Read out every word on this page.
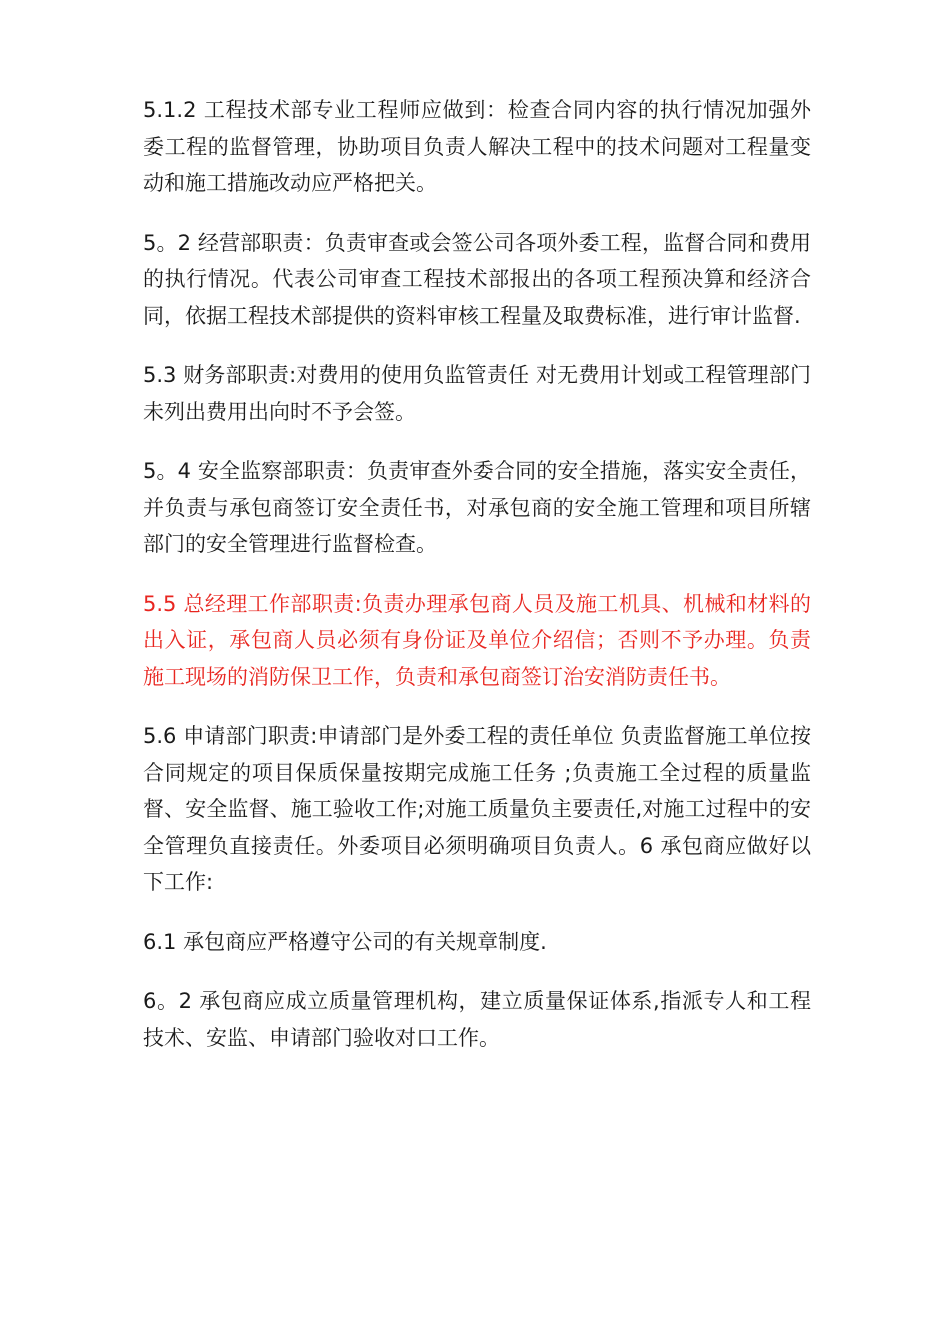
5.1.2 工程技术部专业工程师应做到：检查合同内容的执行情况加强外委工程的监督管理，协助项目负责人解决工程中的技术问题对工程量变动和施工措施改动应严格把关。

5。2 经营部职责：负责审查或会签公司各项外委工程，监督合同和费用的执行情况。代表公司审查工程技术部报出的各项工程预决算和经济合同，依据工程技术部提供的资料审核工程量及取费标准，进行审计监督.

5.3 财务部职责:对费用的使用负监管责任 对无费用计划或工程管理部门未列出费用出向时不予会签。

5。4 安全监察部职责：负责审查外委合同的安全措施，落实安全责任，并负责与承包商签订安全责任书，对承包商的安全施工管理和项目所辖部门的安全管理进行监督检查。

5.5 总经理工作部职责:负责办理承包商人员及施工机具、机械和材料的出入证，承包商人员必须有身份证及单位介绍信；否则不予办理。负责施工现场的消防保卫工作，负责和承包商签订治安消防责任书。

5.6 申请部门职责:申请部门是外委工程的责任单位 负责监督施工单位按合同规定的项目保质保量按期完成施工任务 ;负责施工全过程的质量监督、安全监督、施工验收工作;对施工质量负主要责任,对施工过程中的安全管理负直接责任。外委项目必须明确项目负责人。6 承包商应做好以下工作:

6.1 承包商应严格遵守公司的有关规章制度.

6。2 承包商应成立质量管理机构，建立质量保证体系,指派专人和工程技术、安监、申请部门验收对口工作。
